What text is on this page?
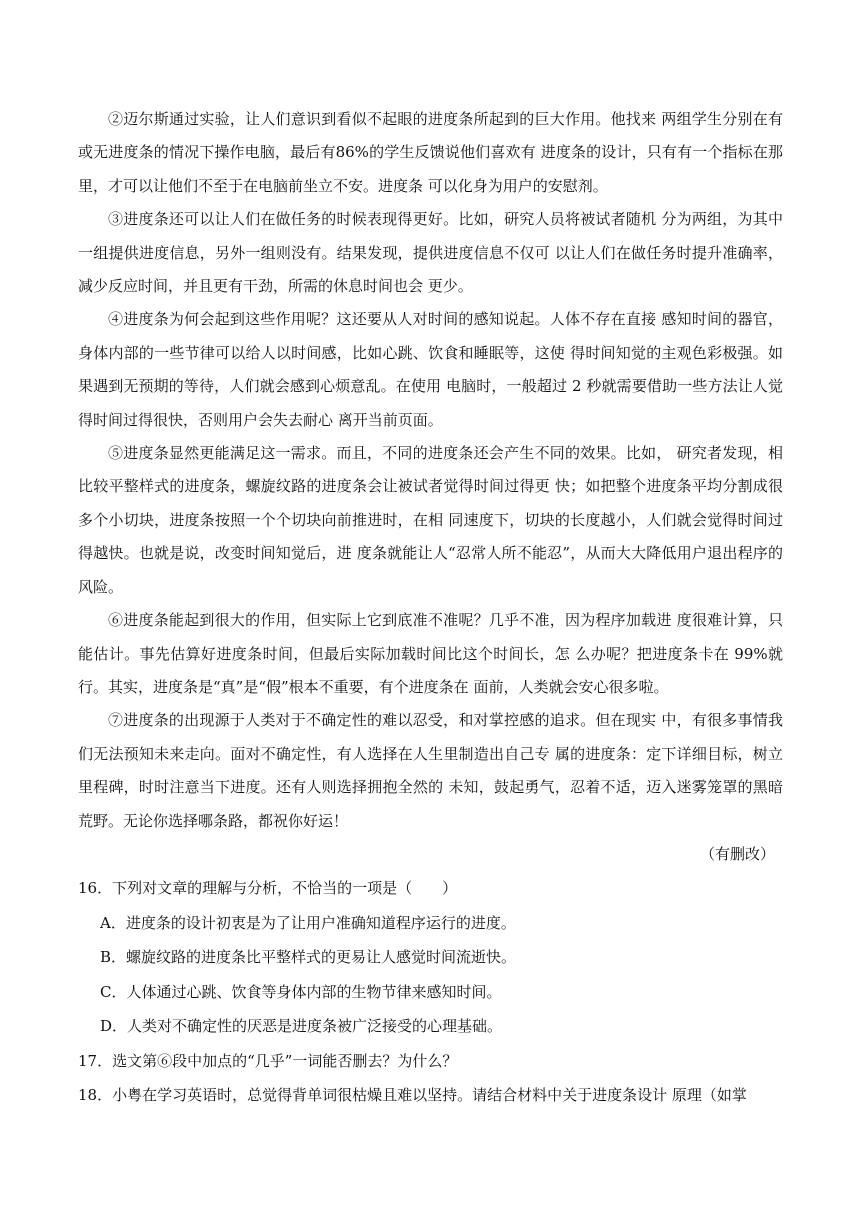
②迈尔斯通过实验，让人们意识到看似不起眼的进度条所起到的巨大作用。他找来 两组学生分别在有或无进度条的情况下操作电脑，最后有86%的学生反馈说他们喜欢有 进度条的设计，只有有一个指标在那里，才可以让他们不至于在电脑前坐立不安。进度条 可以化身为用户的安慰剂。

③进度条还可以让人们在做任务的时候表现得更好。比如，研究人员将被试者随机 分为两组，为其中一组提供进度信息，另外一组则没有。结果发现，提供进度信息不仅可 以让人们在做任务时提升准确率，减少反应时间，并且更有干劲，所需的休息时间也会 更少。

④进度条为何会起到这些作用呢？这还要从人对时间的感知说起。人体不存在直接 感知时间的器官，身体内部的一些节律可以给人以时间感，比如心跳、饮食和睡眠等，这使 得时间知觉的主观色彩极强。如果遇到无预期的等待，人们就会感到心烦意乱。在使用 电脑时，一般超过 2 秒就需要借助一些方法让人觉得时间过得很快，否则用户会失去耐心 离开当前页面。

⑤进度条显然更能满足这一需求。而且，不同的进度条还会产生不同的效果。比如， 研究者发现，相比较平整样式的进度条，螺旋纹路的进度条会让被试者觉得时间过得更 快；如把整个进度条平均分割成很多个小切块，进度条按照一个个切块向前推进时，在相 同速度下，切块的长度越小，人们就会觉得时间过得越快。也就是说，改变时间知觉后，进 度条就能让人“忍常人所不能忍”，从而大大降低用户退出程序的风险。

⑥进度条能起到很大的作用，但实际上它到底准不准呢？几乎不准，因为程序加载进 度很难计算，只能估计。事先估算好进度条时间，但最后实际加载时间比这个时间长，怎 么办呢？把进度条卡在 99%就行。其实，进度条是“真”是“假”根本不重要，有个进度条在 面前，人类就会安心很多啦。

⑦进度条的出现源于人类对于不确定性的难以忍受，和对掌控感的追求。但在现实 中，有很多事情我们无法预知未来走向。面对不确定性，有人选择在人生里制造出自己专 属的进度条：定下详细目标，树立里程碑，时时注意当下进度。还有人则选择拥抱全然的 未知，鼓起勇气，忍着不适，迈入迷雾笼罩的黑暗荒野。无论你选择哪条路，都祝你好运！

（有删改）

16．下列对文章的理解与分析，不恰当的一项是（　　）

A．进度条的设计初衷是为了让用户准确知道程序运行的进度。
B．螺旋纹路的进度条比平整样式的更易让人感觉时间流逝快。
C．人体通过心跳、饮食等身体内部的生物节律来感知时间。
D．人类对不确定性的厌恶是进度条被广泛接受的心理基础。

17．选文第⑥段中加点的“几乎”一词能否删去？为什么？

18．小粤在学习英语时，总觉得背单词很枯燥且难以坚持。请结合材料中关于进度条设计 原理（如掌
